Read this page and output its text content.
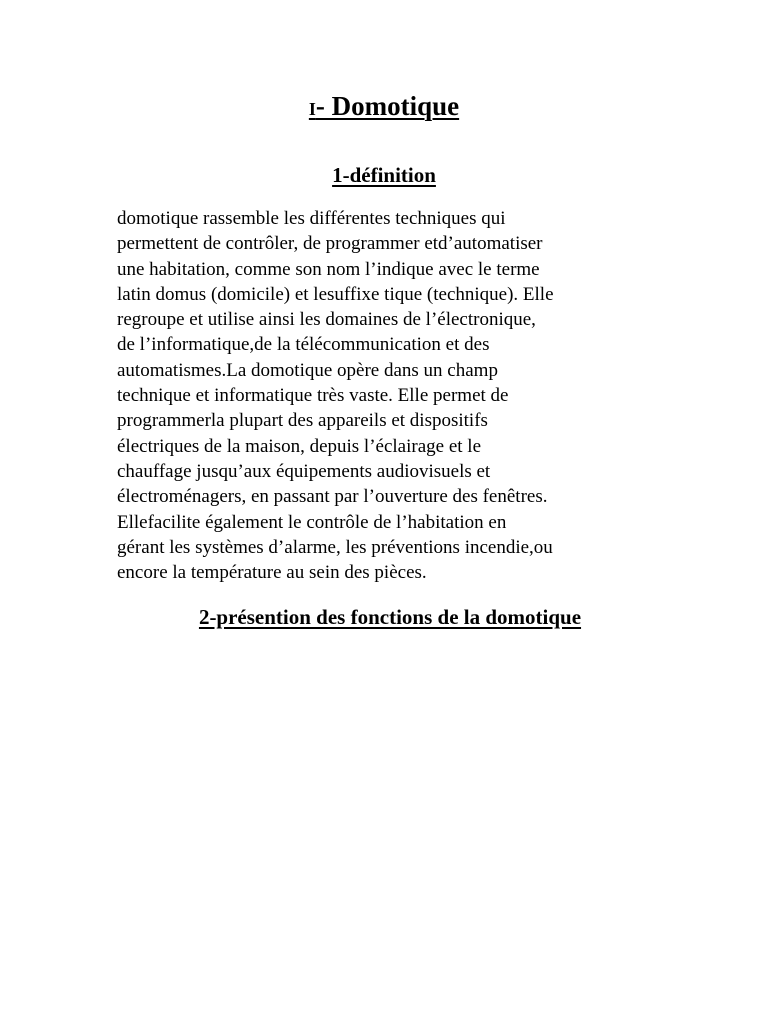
I- Domotique
1-définition

domotique rassemble les différentes techniques qui
permettent de contrôler, de programmer etd’automatiser
une habitation, comme son nom l’indique avec le terme
latin domus (domicile) et lesuffixe tique (technique). Elle
regroupe et utilise ainsi les domaines de l’électronique,
de l’informatique,de la télécommunication et des
automatismes.La domotique opère dans un champ
technique et informatique très vaste. Elle permet de
programmerla plupart des appareils et dispositifs
électriques de la maison, depuis l’éclairage et le
chauffage jusqu’aux équipements audiovisuels et
électroménagers, en passant par l’ouverture des fenêtres.
Ellefacilite également le contrôle de l’habitation en
gérant les systèmes d’alarme, les préventions incendie,ou
encore la température au sein des pièces.

2-présention des fonctions de la domotique
